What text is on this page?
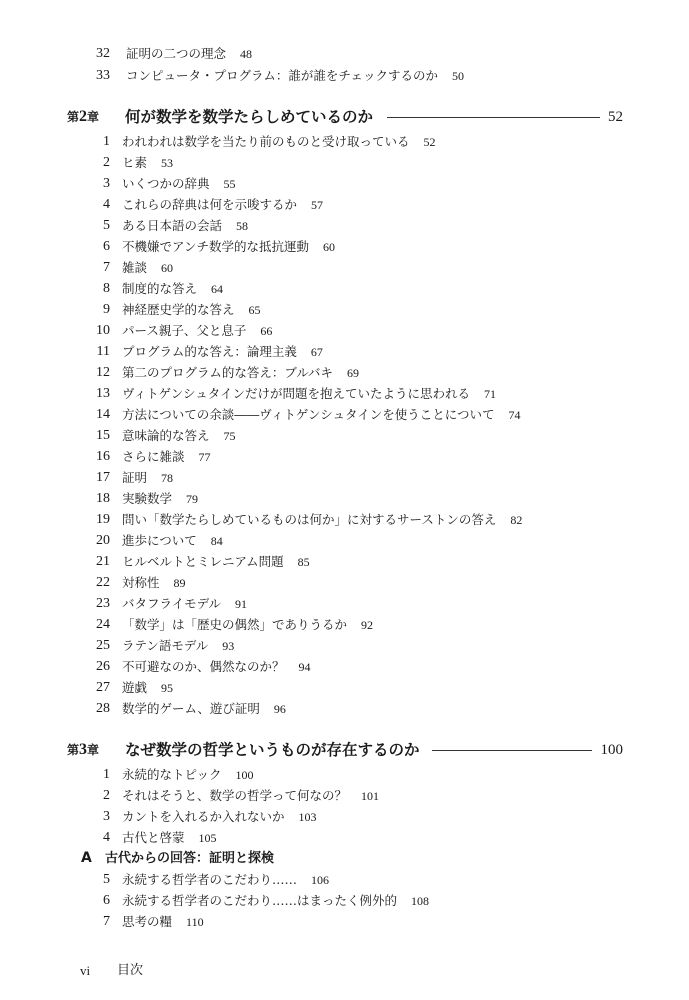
32 証明の二つの理念 48
33 コンピュータ・プログラム：誰が誰をチェックするのか 50
第2章 何が数学を数学たらしめているのか	52
1 われわれは数学を当たり前のものと受け取っている 52
2 ヒ素 53
3 いくつかの辞典 55
4 これらの辞典は何を示唆するか 57
5 ある日本語の会話 58
6 不機嫌でアンチ数学的な抵抗運動 60
7 雑談 60
8 制度的な答え 64
9 神経歴史学的な答え 65
10 パース親子、父と息子 66
11 プログラム的な答え：論理主義 67
12 第二のプログラム的な答え：ブルバキ 69
13 ヴィトゲンシュタインだけが問題を抱えていたように思われる 71
14 方法についての余談――ヴィトゲンシュタインを使うことについて 74
15 意味論的な答え 75
16 さらに雑談 77
17 証明 78
18 実験数学 79
19 問い「数学たらしめているものは何か」に対するサーストンの答え 82
20 進歩について 84
21 ヒルベルトとミレニアム問題 85
22 対称性 89
23 バタフライモデル 91
24 「数学」は「歴史の偶然」でありうるか 92
25 ラテン語モデル 93
26 不可避なのか、偶然なのか？ 94
27 遊戯 95
28 数学的ゲーム、遊び証明 96
第3章 なぜ数学の哲学というものが存在するのか	100
1 永続的なトピック 100
2 それはそうと、数学の哲学って何なの？ 101
3 カントを入れるか入れないか 103
4 古代と啓蒙 105
A 古代からの回答：証明と探検
5 永続する哲学者のこだわり…… 106
6 永続する哲学者のこだわり……はまったく例外的 108
7 思考の糧 110
vi 目次
